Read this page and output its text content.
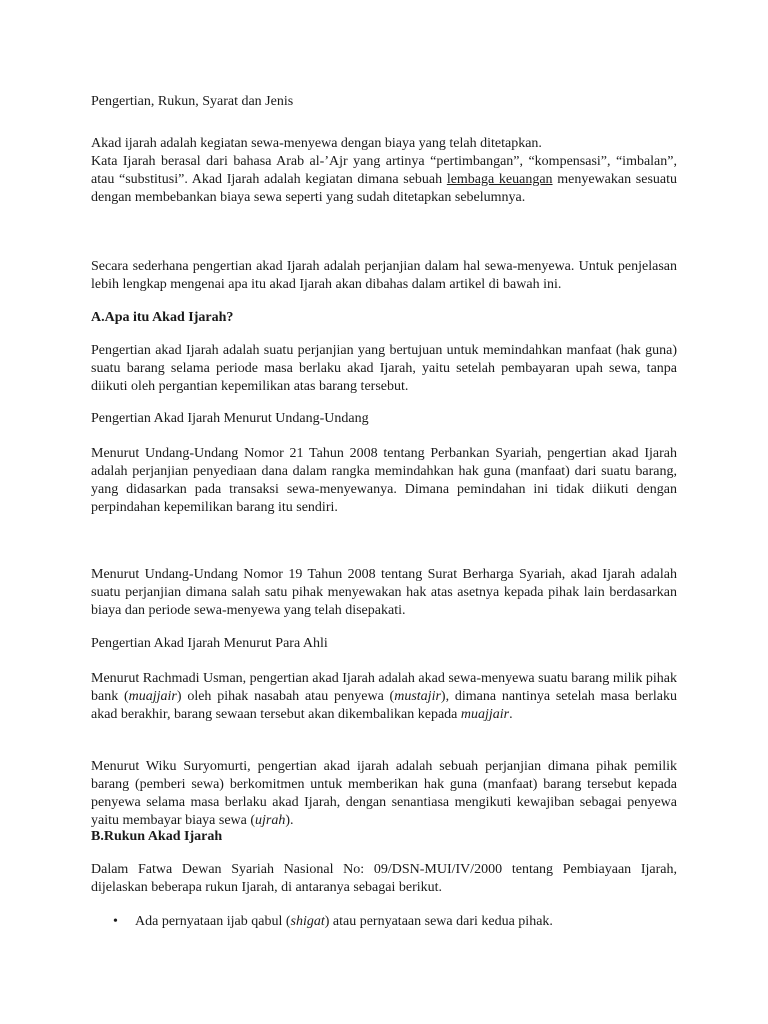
Pengertian, Rukun, Syarat dan Jenis

Akad ijarah adalah kegiatan sewa-menyewa dengan biaya yang telah ditetapkan.

Kata Ijarah berasal dari bahasa Arab al-’Ajr yang artinya “pertimbangan”, “kompensasi”, “imbalan”, atau “substitusi”. Akad Ijarah adalah kegiatan dimana sebuah lembaga keuangan menyewakan sesuatu dengan membebankan biaya sewa seperti yang sudah ditetapkan sebelumnya.

Secara sederhana pengertian akad Ijarah adalah perjanjian dalam hal sewa-menyewa. Untuk penjelasan lebih lengkap mengenai apa itu akad Ijarah akan dibahas dalam artikel di bawah ini.

A.Apa itu Akad Ijarah?

Pengertian akad Ijarah adalah suatu perjanjian yang bertujuan untuk memindahkan manfaat (hak guna) suatu barang selama periode masa berlaku akad Ijarah, yaitu setelah pembayaran upah sewa, tanpa diikuti oleh pergantian kepemilikan atas barang tersebut.

Pengertian Akad Ijarah Menurut Undang-Undang

Menurut Undang-Undang Nomor 21 Tahun 2008 tentang Perbankan Syariah, pengertian akad Ijarah adalah perjanjian penyediaan dana dalam rangka memindahkan hak guna (manfaat) dari suatu barang, yang didasarkan pada transaksi sewa-menyewanya. Dimana pemindahan ini tidak diikuti dengan perpindahan kepemilikan barang itu sendiri.

Menurut Undang-Undang Nomor 19 Tahun 2008 tentang Surat Berharga Syariah, akad Ijarah adalah suatu perjanjian dimana salah satu pihak menyewakan hak atas asetnya kepada pihak lain berdasarkan biaya dan periode sewa-menyewa yang telah disepakati.

Pengertian Akad Ijarah Menurut Para Ahli

Menurut Rachmadi Usman, pengertian akad Ijarah adalah akad sewa-menyewa suatu barang milik pihak bank (muajjair) oleh pihak nasabah atau penyewa (mustajir), dimana nantinya setelah masa berlaku akad berakhir, barang sewaan tersebut akan dikembalikan kepada muajjair.

Menurut Wiku Suryomurti, pengertian akad ijarah adalah sebuah perjanjian dimana pihak pemilik barang (pemberi sewa) berkomitmen untuk memberikan hak guna (manfaat) barang tersebut kepada penyewa selama masa berlaku akad Ijarah, dengan senantiasa mengikuti kewajiban sebagai penyewa yaitu membayar biaya sewa (ujrah).

B.Rukun Akad Ijarah

Dalam Fatwa Dewan Syariah Nasional No: 09/DSN-MUI/IV/2000 tentang Pembiayaan Ijarah, dijelaskan beberapa rukun Ijarah, di antaranya sebagai berikut.

• Ada pernyataan ijab qabul (shigat) atau pernyataan sewa dari kedua pihak.
